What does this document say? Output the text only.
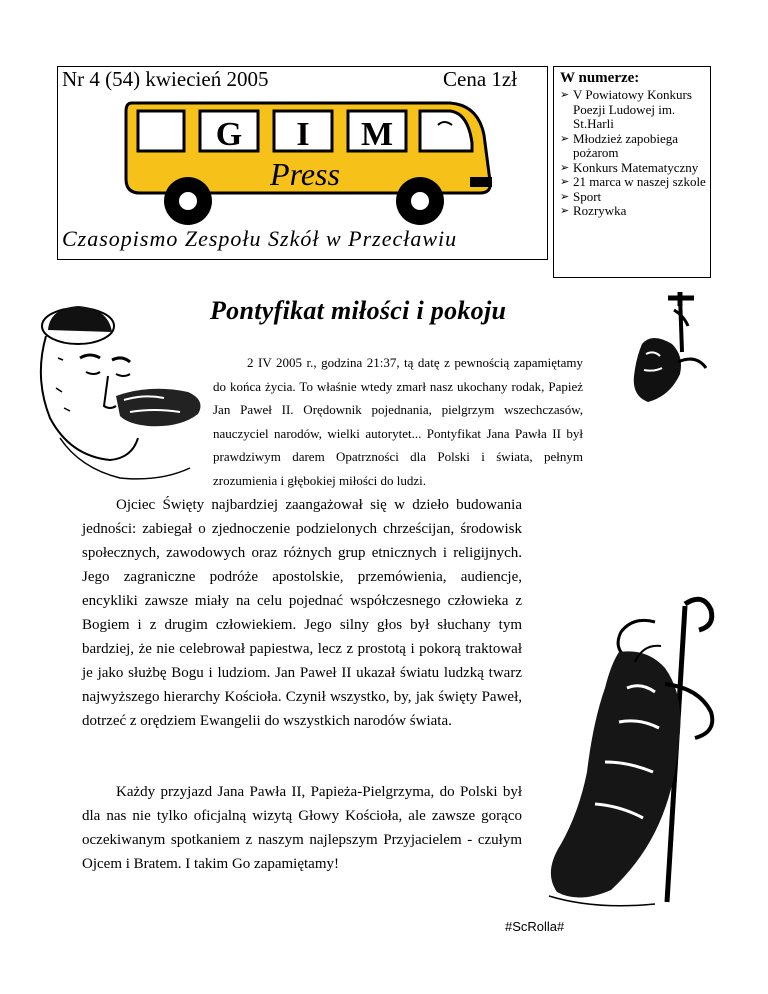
Nr 4 (54) kwiecień 2005	Cena 1zł
G I M
Press
Czasopismo Zespołu Szkół w Przecławiu
W numerze:
➢ V Powiatowy Konkurs Poezji Ludowej im. St.Harli
➢ Młodzież zapobiega pożarom
➢ Konkurs Matematyczny
➢ 21 marca w naszej szkole
➢ Sport
➢ Rozrywka
Pontyfikat miłości i pokoju
2 IV 2005 r., godzina 21:37, tą datę z pewnością zapamiętamy do końca życia. To właśnie wtedy zmarł nasz ukochany rodak, Papież Jan Paweł II. Orędownik pojednania, pielgrzym wszechczasów, nauczyciel narodów, wielki autorytet... Pontyfikat Jana Pawła II był prawdziwym darem Opatrzności dla Polski i świata, pełnym zrozumienia i głębokiej miłości do ludzi.
Ojciec Święty najbardziej zaangażował się w dzieło budowania jedności: zabiegał o zjednoczenie podzielonych chrześcijan, środowisk społecznych, zawodowych oraz różnych grup etnicznych i religijnych. Jego zagraniczne podróże apostolskie, przemówienia, audiencje, encykliki zawsze miały na celu pojednać współczesnego człowieka z Bogiem i z drugim człowiekiem. Jego silny głos był słuchany tym bardziej, że nie celebrował papiestwa, lecz z prostotą i pokorą traktował je jako służbę Bogu i ludziom. Jan Paweł II ukazał światu ludzką twarz najwyższego hierarchy Kościoła. Czynił wszystko, by, jak święty Paweł, dotrzeć z orędziem Ewangelii do wszystkich narodów świata.
Każdy przyjazd Jana Pawła II, Papieża-Pielgrzyma, do Polski był dla nas nie tylko oficjalną wizytą Głowy Kościoła, ale zawsze gorąco oczekiwanym spotkaniem z naszym najlepszym Przyjacielem - czułym Ojcem i Bratem. I takim Go zapamiętamy!
#ScRolla#
